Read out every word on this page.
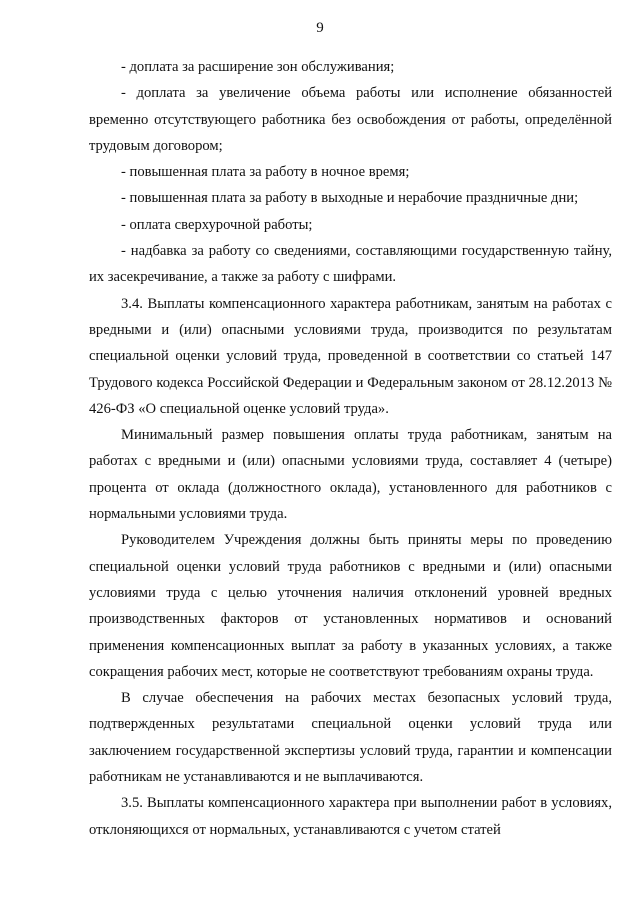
9

- доплата за расширение зон обслуживания;

- доплата за увеличение объема работы или исполнение обязанностей временно отсутствующего работника без освобождения от работы, определённой трудовым договором;

- повышенная плата за работу в ночное время;

- повышенная плата за работу в выходные и нерабочие праздничные дни;

- оплата сверхурочной работы;

- надбавка за работу со сведениями, составляющими государственную тайну, их засекречивание, а также за работу с шифрами.

3.4. Выплаты компенсационного характера работникам, занятым на работах с вредными и (или) опасными условиями труда, производится по результатам специальной оценки условий труда, проведенной в соответствии со статьей 147 Трудового кодекса Российской Федерации и Федеральным законом от 28.12.2013 № 426-ФЗ «О специальной оценке условий труда».

Минимальный размер повышения оплаты труда работникам, занятым на работах с вредными и (или) опасными условиями труда, составляет 4 (четыре) процента от оклада (должностного оклада), установленного для работников с нормальными условиями труда.

Руководителем Учреждения должны быть приняты меры по проведению специальной оценки условий труда работников с вредными и (или) опасными условиями труда с целью уточнения наличия отклонений уровней вредных производственных факторов от установленных нормативов и оснований применения компенсационных выплат за работу в указанных условиях, а также сокращения рабочих мест, которые не соответствуют требованиям охраны труда.

В случае обеспечения на рабочих местах безопасных условий труда, подтвержденных результатами специальной оценки условий труда или заключением государственной экспертизы условий труда, гарантии и компенсации работникам не устанавливаются и не выплачиваются.

3.5. Выплаты компенсационного характера при выполнении работ в условиях, отклоняющихся от нормальных, устанавливаются с учетом статей
